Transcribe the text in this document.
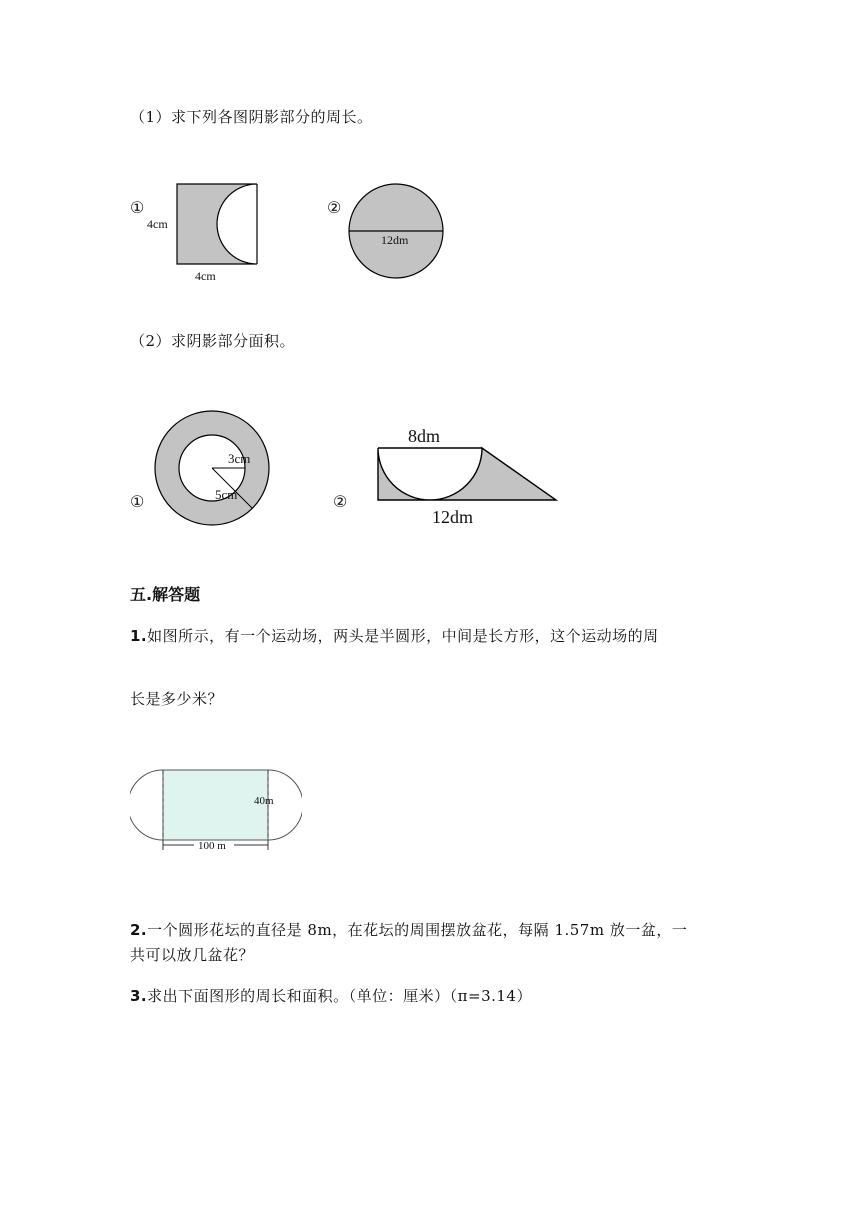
（1）求下列各图阴影部分的周长。
①
4cm
4cm
②
12dm
（2）求阴影部分面积。
①
3cm
5cm	②
8dm
12dm
五.解答题
1.如图所示，有一个运动场，两头是半圆形，中间是长方形，这个运动场的周
长是多少米？
100 m
40m
2.一个圆形花坛的直径是 8m，在花坛的周围摆放盆花，每隔 1.57m 放一盆，一
共可以放几盆花？
3.求出下面图形的周长和面积。（单位：厘米）（π=3.14）
